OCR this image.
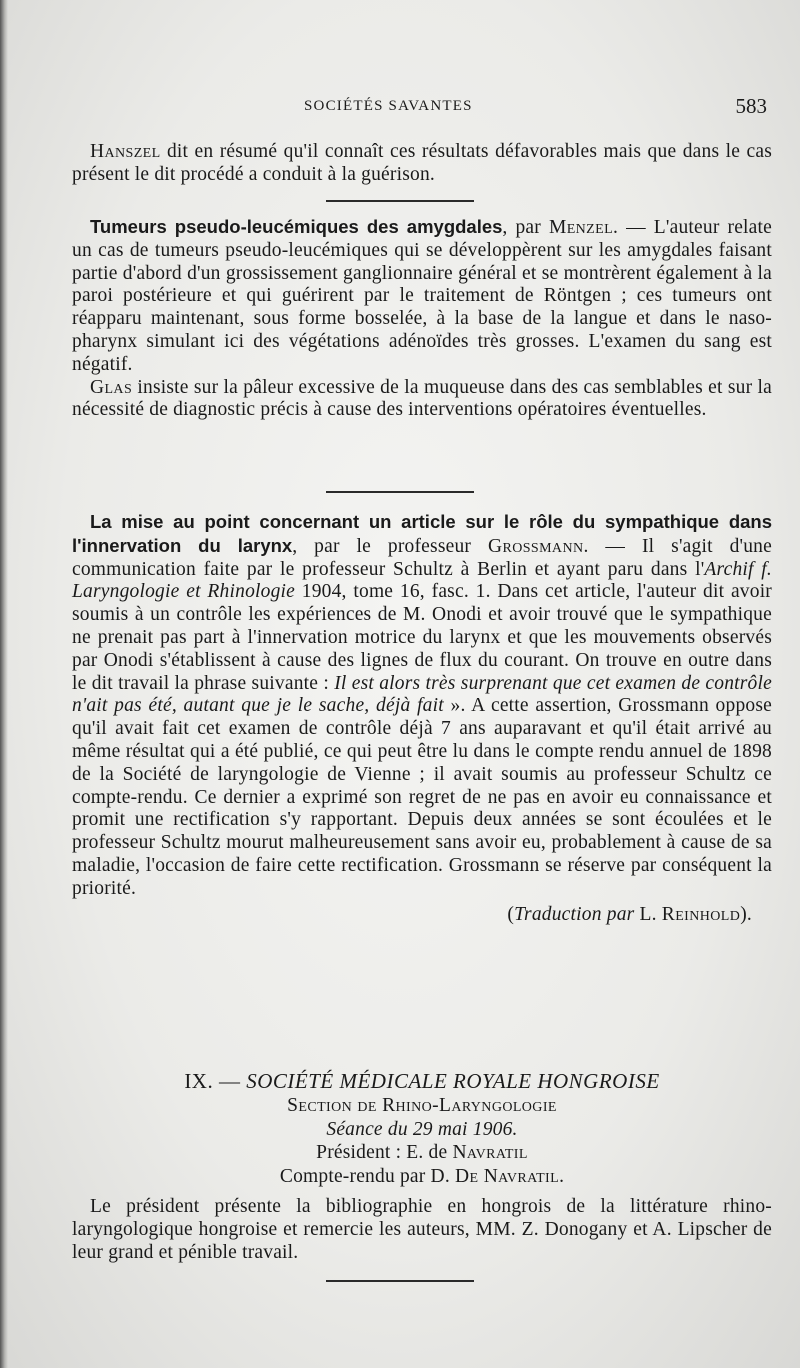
SOCIÉTÉS SAVANTES	583

Hanszel dit en résumé qu'il connaît ces résultats défavorables mais que dans le cas présent le dit procédé a conduit à la guérison.

Tumeurs pseudo-leucémiques des amygdales, par Menzel. — L'auteur relate un cas de tumeurs pseudo-leucémiques qui se développèrent sur les amygdales faisant partie d'abord d'un grossissement ganglionnaire général et se montrèrent également à la paroi postérieure et qui guérirent par le traitement de Röntgen ; ces tumeurs ont réapparu maintenant, sous forme bosselée, à la base de la langue et dans le naso-pharynx simulant ici des végétations adénoïdes très grosses. L'examen du sang est négatif.

Glas insiste sur la pâleur excessive de la muqueuse dans des cas semblables et sur la nécessité de diagnostic précis à cause des interventions opératoires éventuelles.

La mise au point concernant un article sur le rôle du sympathique dans l'innervation du larynx, par le professeur Grossmann. — Il s'agit d'une communication faite par le professeur Schultz à Berlin et ayant paru dans l'Archif f. Laryngologie et Rhinologie 1904, tome 16, fasc. 1. Dans cet article, l'auteur dit avoir soumis à un contrôle les expériences de M. Onodi et avoir trouvé que le sympathique ne prenait pas part à l'innervation motrice du larynx et que les mouvements observés par Onodi s'établissent à cause des lignes de flux du courant. On trouve en outre dans le dit travail la phrase suivante : Il est alors très surprenant que cet examen de contrôle n'ait pas été, autant que je le sache, déjà fait ». A cette assertion, Grossmann oppose qu'il avait fait cet examen de contrôle déjà 7 ans auparavant et qu'il était arrivé au même résultat qui a été publié, ce qui peut être lu dans le compte rendu annuel de 1898 de la Société de laryngologie de Vienne ; il avait soumis au professeur Schultz ce compte-rendu. Ce dernier a exprimé son regret de ne pas en avoir eu connaissance et promit une rectification s'y rapportant. Depuis deux années se sont écoulées et le professeur Schultz mourut malheureusement sans avoir eu, probablement à cause de sa maladie, l'occasion de faire cette rectification. Grossmann se réserve par conséquent la priorité.

(Traduction par L. Reinhold).

IX. — SOCIÉTÉ MÉDICALE ROYALE HONGROISE

Section de Rhino-Laryngologie

Séance du 29 mai 1906.

Président : E. de Navratil

Compte-rendu par D. De Navratil.

Le président présente la bibliographie en hongrois de la littérature rhino-laryngologique hongroise et remercie les auteurs, MM. Z. Donogany et A. Lipscher de leur grand et pénible travail.
